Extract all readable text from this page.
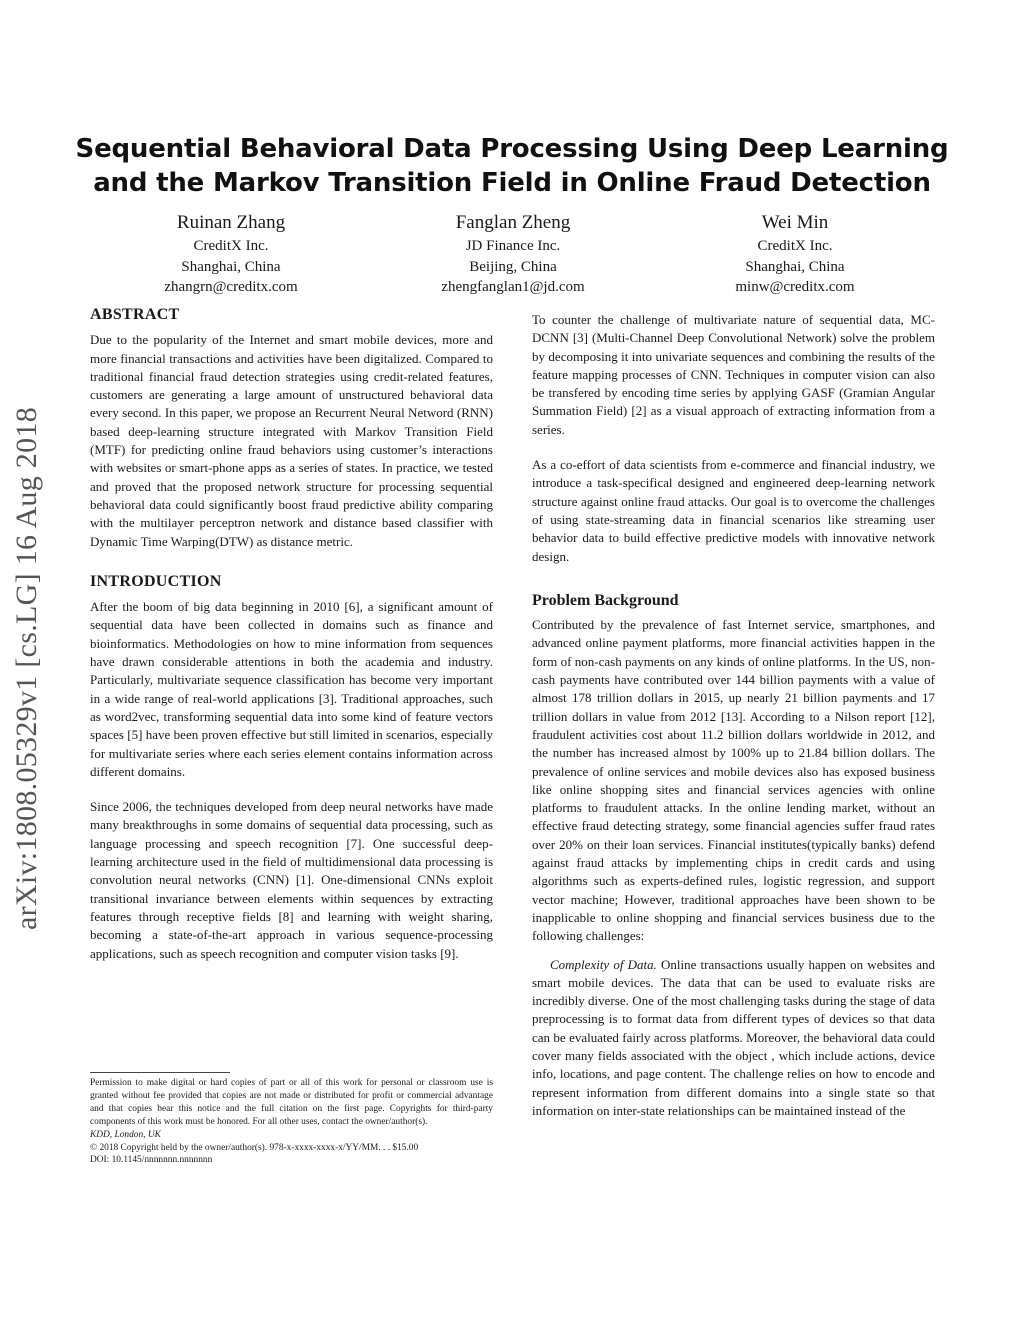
arXiv:1808.05329v1 [cs.LG] 16 Aug 2018
Sequential Behavioral Data Processing Using Deep Learning and the Markov Transition Field in Online Fraud Detection
Ruinan Zhang
CreditX Inc.
Shanghai, China
zhangrn@creditx.com
Fanglan Zheng
JD Finance Inc.
Beijing, China
zhengfanglan1@jd.com
Wei Min
CreditX Inc.
Shanghai, China
minw@creditx.com
ABSTRACT

Due to the popularity of the Internet and smart mobile devices, more and more financial transactions and activities have been digitalized. Compared to traditional financial fraud detection strategies using credit-related features, customers are generating a large amount of unstructured behavioral data every second. In this paper, we propose an Recurrent Neural Netword (RNN) based deep-learning structure integrated with Markov Transition Field (MTF) for predicting online fraud behaviors using customer’s interactions with websites or smart-phone apps as a series of states. In practice, we tested and proved that the proposed network structure for processing sequential behavioral data could significantly boost fraud predictive ability comparing with the multilayer perceptron network and distance based classifier with Dynamic Time Warping(DTW) as distance metric.

INTRODUCTION

After the boom of big data beginning in 2010 [6], a significant amount of sequential data have been collected in domains such as finance and bioinformatics. Methodologies on how to mine information from sequences have drawn considerable attentions in both the academia and industry. Particularly, multivariate sequence classification has become very important in a wide range of real-world applications [3]. Traditional approaches, such as word2vec, transforming sequential data into some kind of feature vectors spaces [5] have been proven effective but still limited in scenarios, especially for multivariate series where each series element contains information across different domains.

Since 2006, the techniques developed from deep neural networks have made many breakthroughs in some domains of sequential data processing, such as language processing and speech recognition [7]. One successful deep-learning architecture used in the field of multidimensional data processing is convolution neural networks (CNN) [1]. One-dimensional CNNs exploit transitional invariance between elements within sequences by extracting features through receptive fields [8] and learning with weight sharing, becoming a state-of-the-art approach in various sequence-processing applications, such as speech recognition and computer vision tasks [9].

To counter the challenge of multivariate nature of sequential data, MC-DCNN [3] (Multi-Channel Deep Convolutional Network) solve the problem by decomposing it into univariate sequences and combining the results of the feature mapping processes of CNN. Techniques in computer vision can also be transfered by encoding time series by applying GASF (Gramian Angular Summation Field) [2] as a visual approach of extracting information from a series.

As a co-effort of data scientists from e-commerce and financial industry, we introduce a task-specifical designed and engineered deep-learning network structure against online fraud attacks. Our goal is to overcome the challenges of using state-streaming data in financial scenarios like streaming user behavior data to build effective predictive models with innovative network design.

Problem Background

Contributed by the prevalence of fast Internet service, smartphones, and advanced online payment platforms, more financial activities happen in the form of non-cash payments on any kinds of online platforms. In the US, non-cash payments have contributed over 144 billion payments with a value of almost 178 trillion dollars in 2015, up nearly 21 billion payments and 17 trillion dollars in value from 2012 [13]. According to a Nilson report [12], fraudulent activities cost about 11.2 billion dollars worldwide in 2012, and the number has increased almost by 100% up to 21.84 billion dollars. The prevalence of online services and mobile devices also has exposed business like online shopping sites and financial services agencies with online platforms to fraudulent attacks. In the online lending market, without an effective fraud detecting strategy, some financial agencies suffer fraud rates over 20% on their loan services. Financial institutes(typically banks) defend against fraud attacks by implementing chips in credit cards and using algorithms such as experts-defined rules, logistic regression, and support vector machine; However, traditional approaches have been shown to be inapplicable to online shopping and financial services business due to the following challenges:

Complexity of Data. Online transactions usually happen on websites and smart mobile devices. The data that can be used to evaluate risks are incredibly diverse. One of the most challenging tasks during the stage of data preprocessing is to format data from different types of devices so that data can be evaluated fairly across platforms. Moreover, the behavioral data could cover many fields associated with the object , which include actions, device info, locations, and page content. The challenge relies on how to encode and represent information from different domains into a single state so that information on inter-state relationships can be maintained instead of the

Permission to make digital or hard copies of part or all of this work for personal or classroom use is granted without fee provided that copies are not made or distributed for profit or commercial advantage and that copies bear this notice and the full citation on the first page. Copyrights for third-party components of this work must be honored. For all other uses, contact the owner/author(s).
KDD, London, UK
© 2018 Copyright held by the owner/author(s). 978-x-xxxx-xxxx-x/YY/MM. . . $15.00
DOI: 10.1145/nnnnnnn.nnnnnnn
